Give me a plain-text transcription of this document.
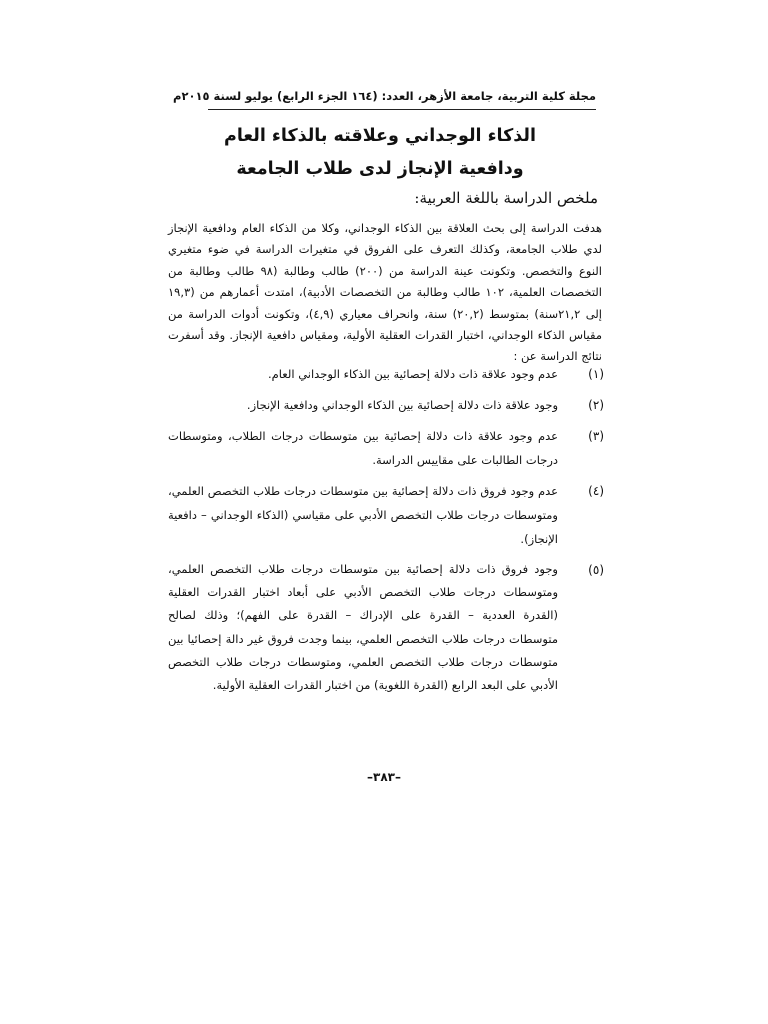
مجلة كلية التربية، جامعة الأزهر، العدد: (١٦٤ الجزء الرابع) يوليو لسنة ٢٠١٥م
الذكاء الوجداني وعلاقته بالذكاء العام
ودافعية الإنجاز لدى طلاب الجامعة
ملخص الدراسة باللغة العربية:
هدفت الدراسة إلى بحث العلاقة بين الذكاء الوجداني، وكلا من الذكاء العام ودافعية الإنجاز لدي طلاب الجامعة، وكذلك التعرف على الفروق في متغيرات الدراسة في ضوء متغيري النوع والتخصص. وتكونت عينة الدراسة من (٢٠٠) طالب وطالبة (٩٨ طالب وطالبة من التخصصات العلمية، ١٠٢ طالب وطالبة من التخصصات الأدبية)، امتدت أعمارهم من (١٩,٣ إلى ٢١,٢سنة) بمتوسط (٢٠,٢) سنة، وانحراف معياري (٤,٩)، وتكونت أدوات الدراسة من مقياس الذكاء الوجداني، اختبار القدرات العقلية الأولية، ومقياس دافعية الإنجاز. وقد أسفرت نتائج الدراسة عن :
(١)
عدم وجود علاقة ذات دلالة إحصائية بين الذكاء الوجداني العام.
(٢)
وجود علاقة ذات دلالة إحصائية بين الذكاء الوجداني ودافعية الإنجاز.
(٣)
عدم وجود علاقة ذات دلالة إحصائية بين متوسطات درجات الطلاب، ومتوسطات درجات الطالبات على مقاييس الدراسة.
(٤)
عدم وجود فروق ذات دلالة إحصائية بين متوسطات درجات طلاب التخصص العلمي، ومتوسطات درجات طلاب التخصص الأدبي على مقياسي (الذكاء الوجداني – دافعية الإنجاز).
(٥)
وجود فروق ذات دلالة إحصائية بين متوسطات درجات طلاب التخصص العلمي، ومتوسطات درجات طلاب التخصص الأدبي على أبعاد اختبار القدرات العقلية (القدرة العددية – القدرة على الإدراك – القدرة على الفهم)؛ وذلك لصالح متوسطات درجات طلاب التخصص العلمي، بينما وجدت فروق غير دالة إحصائيا بين متوسطات درجات طلاب التخصص العلمي، ومتوسطات درجات طلاب التخصص الأدبي على البعد الرابع (القدرة اللغوية) من اختبار القدرات العقلية الأولية.
–٣٨٣–
